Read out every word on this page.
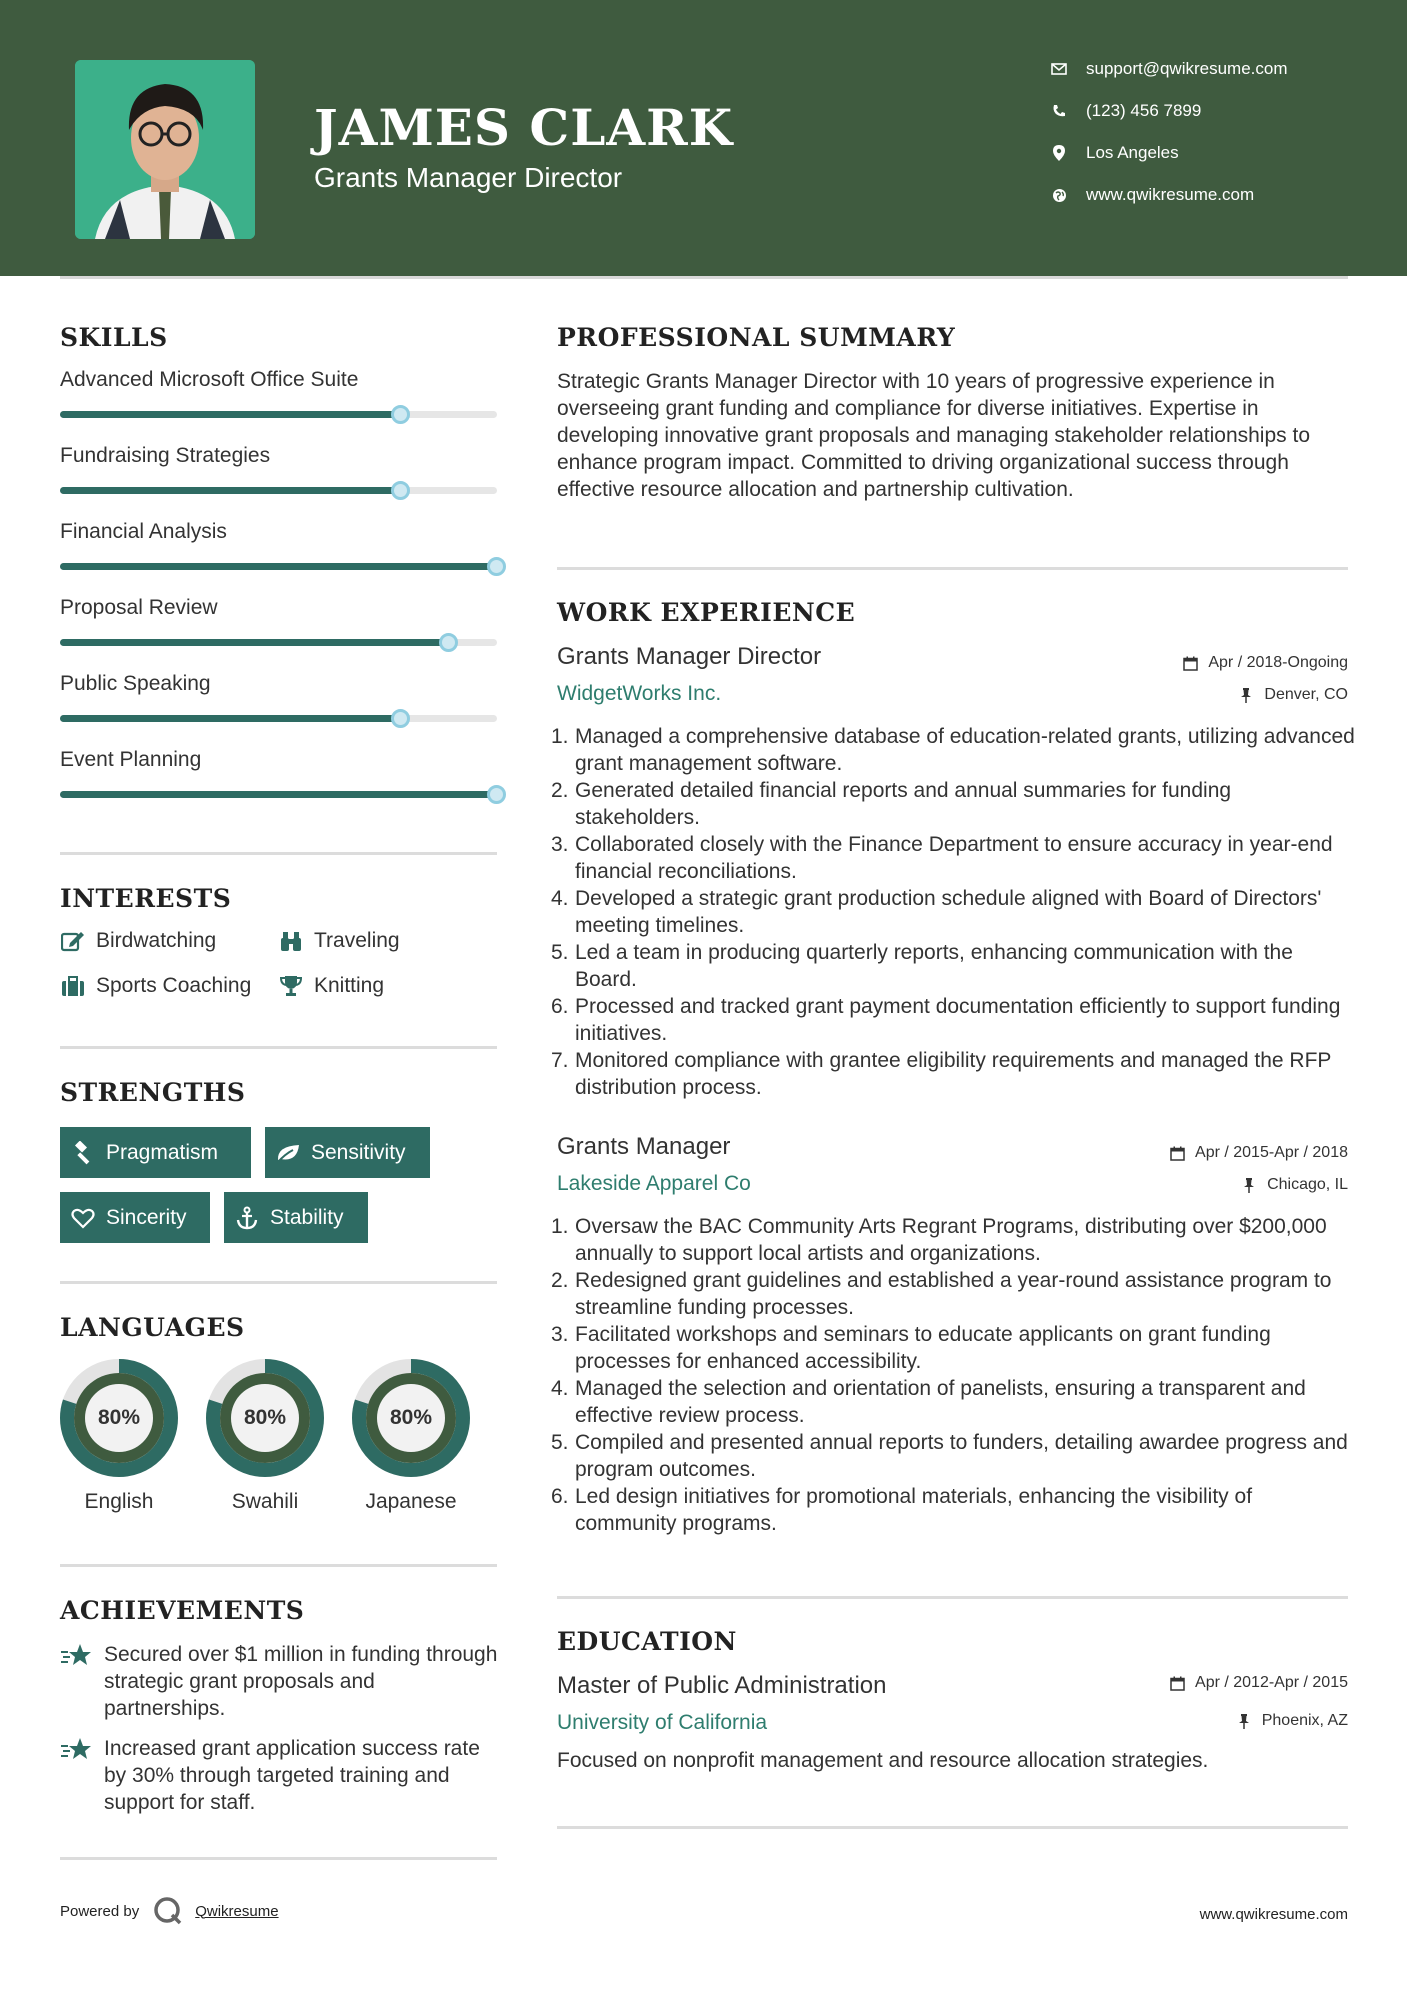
JAMES CLARK
Grants Manager Director
support@qwikresume.com
(123) 456 7899
Los Angeles
www.qwikresume.com
SKILLS
Advanced Microsoft Office Suite
Fundraising Strategies
Financial Analysis
Proposal Review
Public Speaking
Event Planning
INTERESTS
Birdwatching	Traveling
Sports Coaching	Knitting
STRENGTHS
Pragmatism	Sensitivity
Sincerity	Stability
LANGUAGES
80%
English
80%
Swahili
80%
Japanese
ACHIEVEMENTS
Secured over $1 million in funding through strategic grant proposals and partnerships.
Increased grant application success rate by 30% through targeted training and support for staff.
PROFESSIONAL SUMMARY
Strategic Grants Manager Director with 10 years of progressive experience in overseeing grant funding and compliance for diverse initiatives. Expertise in developing innovative grant proposals and managing stakeholder relationships to enhance program impact. Committed to driving organizational success through effective resource allocation and partnership cultivation.
WORK EXPERIENCE
Grants Manager Director
WidgetWorks Inc.
Apr / 2018-Ongoing
Denver, CO
1. Managed a comprehensive database of education-related grants, utilizing advanced grant management software.
2. Generated detailed financial reports and annual summaries for funding stakeholders.
3. Collaborated closely with the Finance Department to ensure accuracy in year-end financial reconciliations.
4. Developed a strategic grant production schedule aligned with Board of Directors' meeting timelines.
5. Led a team in producing quarterly reports, enhancing communication with the Board.
6. Processed and tracked grant payment documentation efficiently to support funding initiatives.
7. Monitored compliance with grantee eligibility requirements and managed the RFP distribution process.
Grants Manager
Lakeside Apparel Co
Apr / 2015-Apr / 2018
Chicago, IL
1. Oversaw the BAC Community Arts Regrant Programs, distributing over $200,000 annually to support local artists and organizations.
2. Redesigned grant guidelines and established a year-round assistance program to streamline funding processes.
3. Facilitated workshops and seminars to educate applicants on grant funding processes for enhanced accessibility.
4. Managed the selection and orientation of panelists, ensuring a transparent and effective review process.
5. Compiled and presented annual reports to funders, detailing awardee progress and program outcomes.
6. Led design initiatives for promotional materials, enhancing the visibility of community programs.
EDUCATION
Master of Public Administration
University of California
Apr / 2012-Apr / 2015
Phoenix, AZ
Focused on nonprofit management and resource allocation strategies.
Powered by	Qwikresume	www.qwikresume.com
